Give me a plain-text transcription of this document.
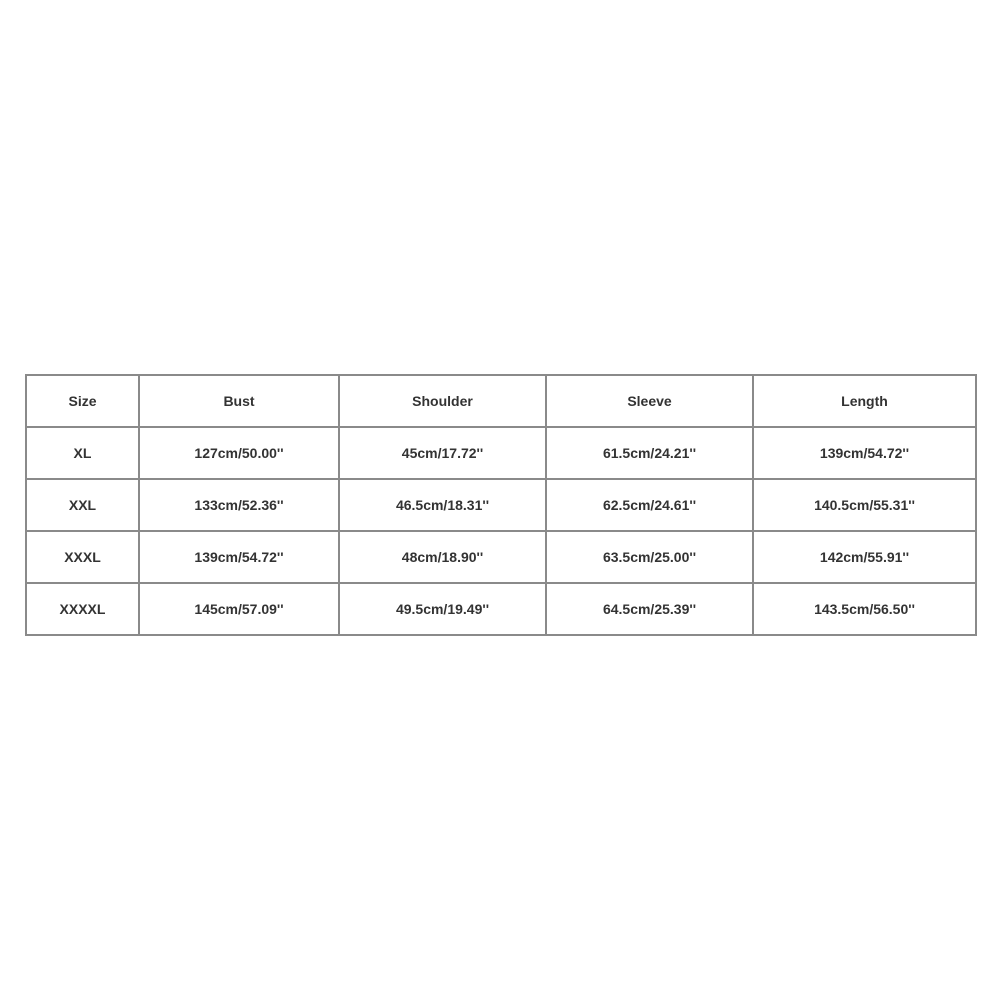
Size	Bust	Shoulder	Sleeve	Length
XL	127cm/50.00''	45cm/17.72''	61.5cm/24.21''	139cm/54.72''
XXL	133cm/52.36''	46.5cm/18.31''	62.5cm/24.61''	140.5cm/55.31''
XXXL	139cm/54.72''	48cm/18.90''	63.5cm/25.00''	142cm/55.91''
XXXXL	145cm/57.09''	49.5cm/19.49''	64.5cm/25.39''	143.5cm/56.50''
